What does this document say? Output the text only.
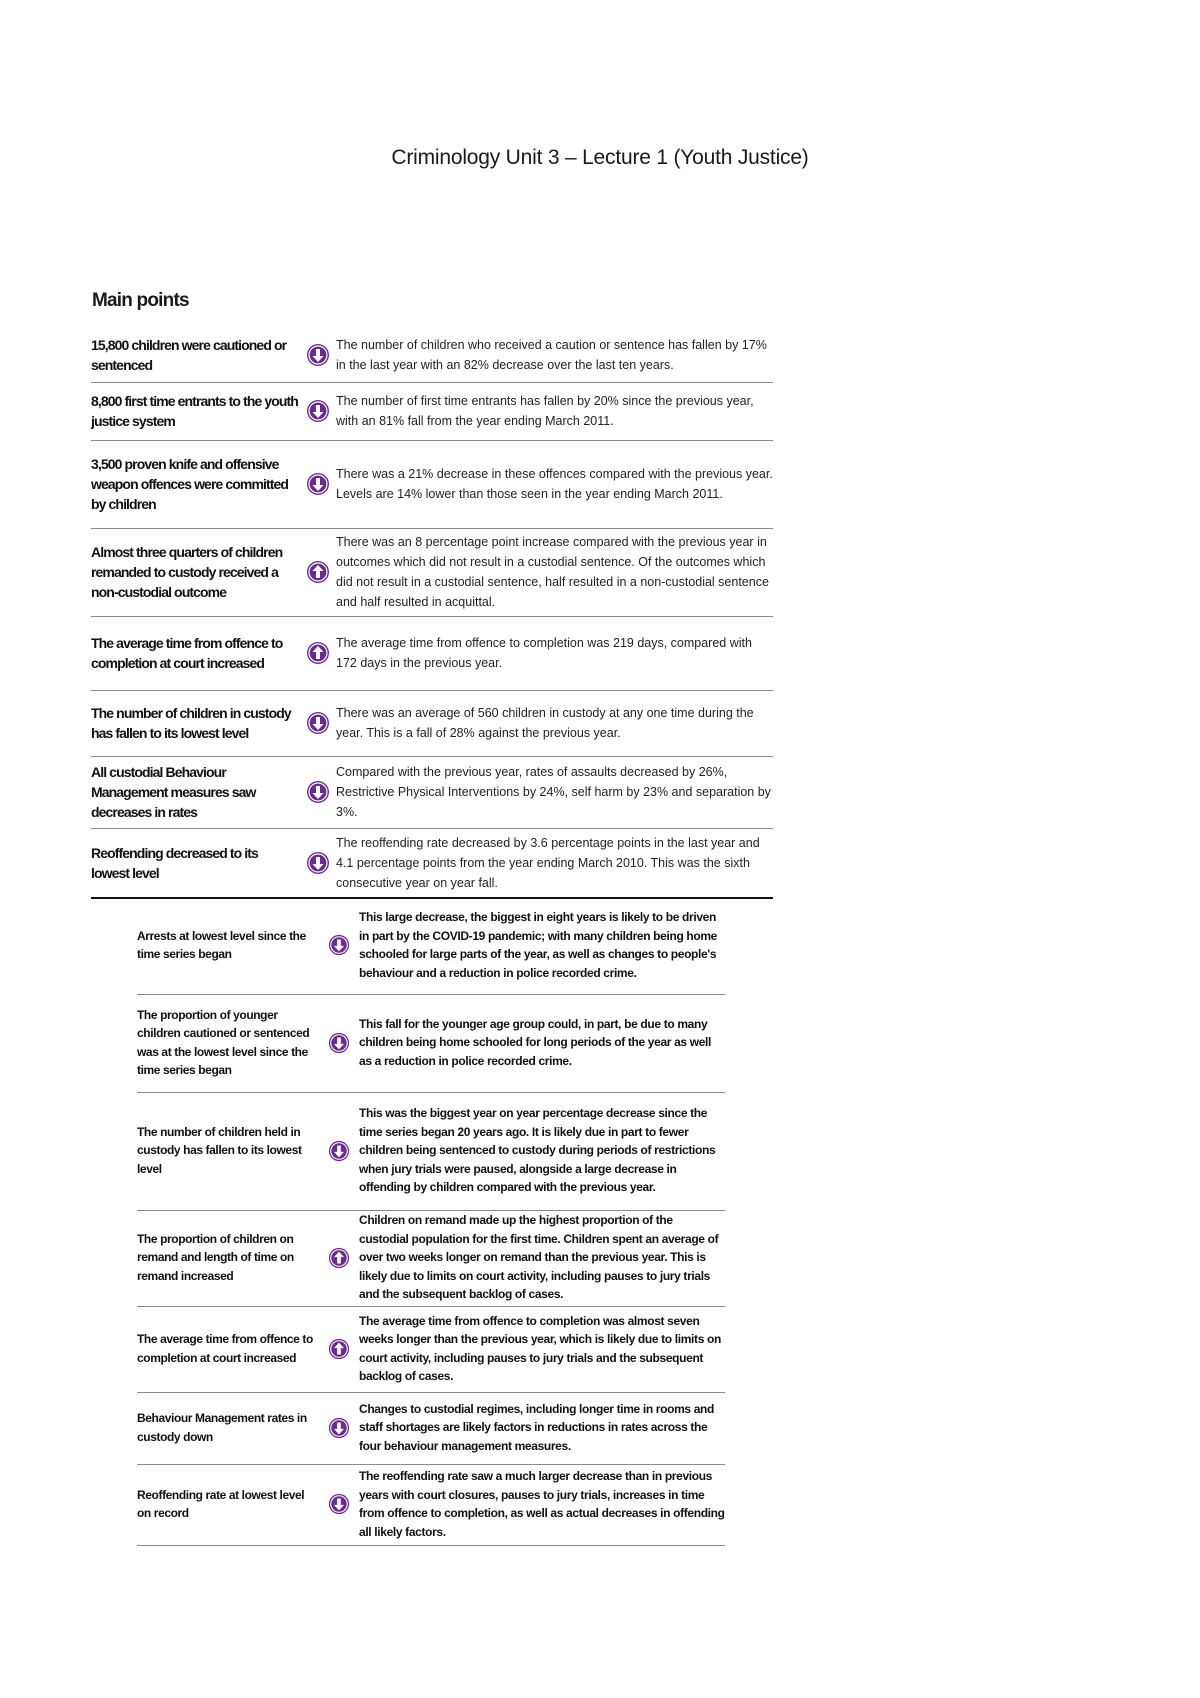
Criminology Unit 3 – Lecture 1 (Youth Justice)
Main points
15,800 children were cautioned or sentenced
The number of children who received a caution or sentence has fallen by 17% in the last year with an 82% decrease over the last ten years.
8,800 first time entrants to the youth justice system
The number of first time entrants has fallen by 20% since the previous year, with an 81% fall from the year ending March 2011.
3,500 proven knife and offensive weapon offences were committed by children
There was a 21% decrease in these offences compared with the previous year. Levels are 14% lower than those seen in the year ending March 2011.
Almost three quarters of children remanded to custody received a non-custodial outcome
There was an 8 percentage point increase compared with the previous year in outcomes which did not result in a custodial sentence. Of the outcomes which did not result in a custodial sentence, half resulted in a non-custodial sentence and half resulted in acquittal.
The average time from offence to completion at court increased
The average time from offence to completion was 219 days, compared with 172 days in the previous year.
The number of children in custody has fallen to its lowest level
There was an average of 560 children in custody at any one time during the year. This is a fall of 28% against the previous year.
All custodial Behaviour Management measures saw decreases in rates
Compared with the previous year, rates of assaults decreased by 26%, Restrictive Physical Interventions by 24%, self harm by 23% and separation by 3%.
Reoffending decreased to its lowest level
The reoffending rate decreased by 3.6 percentage points in the last year and 4.1 percentage points from the year ending March 2010. This was the sixth consecutive year on year fall.
Arrests at lowest level since the time series began
This large decrease, the biggest in eight years is likely to be driven in part by the COVID-19 pandemic; with many children being home schooled for large parts of the year, as well as changes to people's behaviour and a reduction in police recorded crime.
The proportion of younger children cautioned or sentenced was at the lowest level since the time series began
This fall for the younger age group could, in part, be due to many children being home schooled for long periods of the year as well as a reduction in police recorded crime.
The number of children held in custody has fallen to its lowest level
This was the biggest year on year percentage decrease since the time series began 20 years ago. It is likely due in part to fewer children being sentenced to custody during periods of restrictions when jury trials were paused, alongside a large decrease in offending by children compared with the previous year.
The proportion of children on remand and length of time on remand increased
Children on remand made up the highest proportion of the custodial population for the first time. Children spent an average of over two weeks longer on remand than the previous year. This is likely due to limits on court activity, including pauses to jury trials and the subsequent backlog of cases.
The average time from offence to completion at court increased
The average time from offence to completion was almost seven weeks longer than the previous year, which is likely due to limits on court activity, including pauses to jury trials and the subsequent backlog of cases.
Behaviour Management rates in custody down
Changes to custodial regimes, including longer time in rooms and staff shortages are likely factors in reductions in rates across the four behaviour management measures.
Reoffending rate at lowest level on record
The reoffending rate saw a much larger decrease than in previous years with court closures, pauses to jury trials, increases in time from offence to completion, as well as actual decreases in offending all likely factors.
